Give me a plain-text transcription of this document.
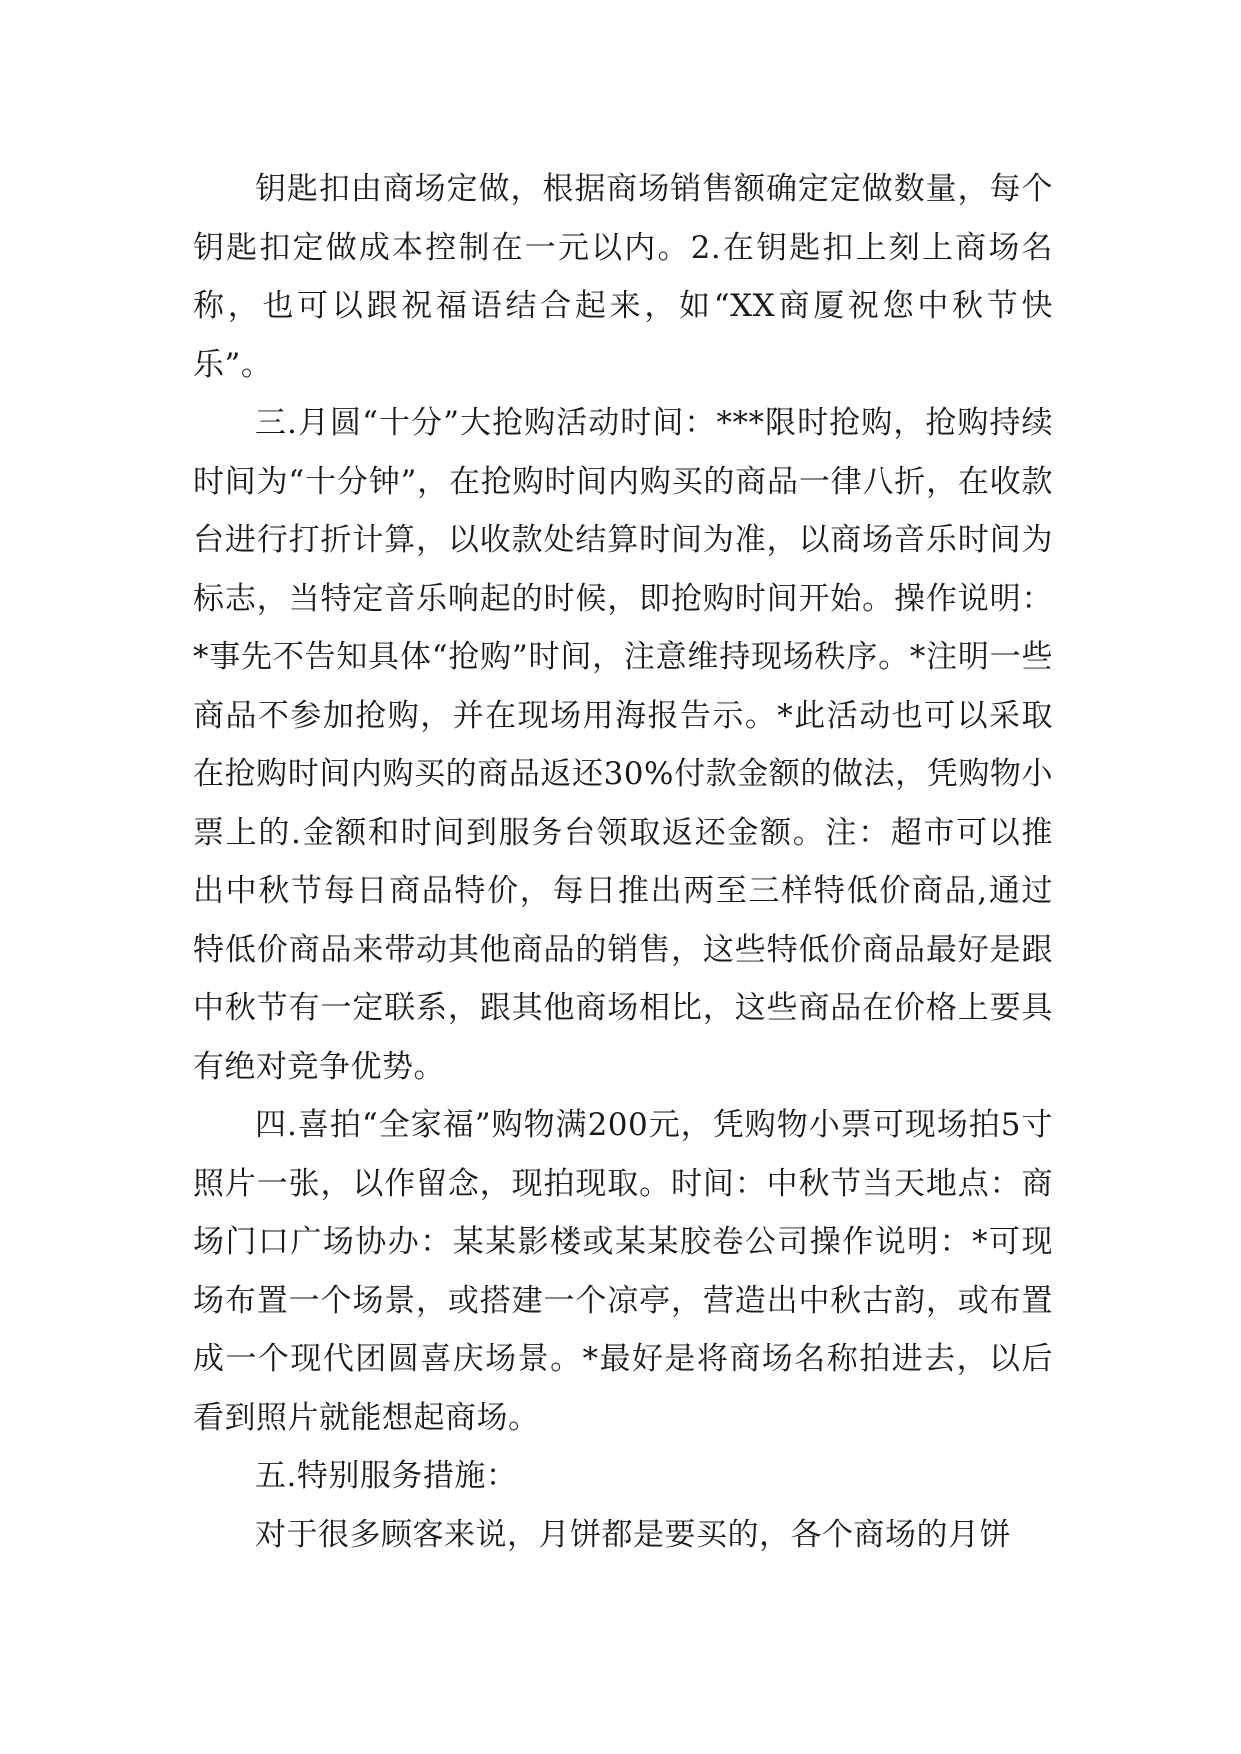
钥匙扣由商场定做，根据商场销售额确定定做数量，每个钥匙扣定做成本控制在一元以内。2.在钥匙扣上刻上商场名称，也可以跟祝福语结合起来，如“XX商厦祝您中秋节快乐”。

三.月圆“十分”大抢购活动时间：***限时抢购，抢购持续时间为“十分钟”，在抢购时间内购买的商品一律八折，在收款台进行打折计算，以收款处结算时间为准，以商场音乐时间为标志，当特定音乐响起的时候，即抢购时间开始。操作说明：*事先不告知具体“抢购”时间，注意维持现场秩序。*注明一些商品不参加抢购，并在现场用海报告示。*此活动也可以采取在抢购时间内购买的商品返还30%付款金额的做法，凭购物小票上的.金额和时间到服务台领取返还金额。注：超市可以推出中秋节每日商品特价，每日推出两至三样特低价商品,通过特低价商品来带动其他商品的销售，这些特低价商品最好是跟中秋节有一定联系，跟其他商场相比，这些商品在价格上要具有绝对竞争优势。

四.喜拍“全家福”购物满200元，凭购物小票可现场拍5寸照片一张，以作留念，现拍现取。时间：中秋节当天地点：商场门口广场协办：某某影楼或某某胶卷公司操作说明：*可现场布置一个场景，或搭建一个凉亭，营造出中秋古韵，或布置成一个现代团圆喜庆场景。*最好是将商场名称拍进去，以后看到照片就能想起商场。

五.特别服务措施：

对于很多顾客来说，月饼都是要买的，各个商场的月饼
